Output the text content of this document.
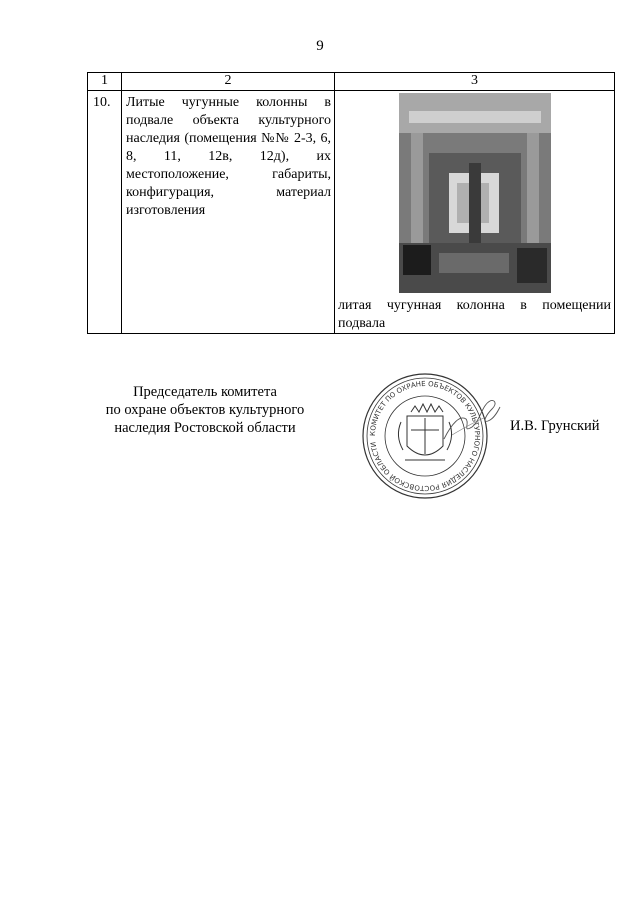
9
1	2	3

10.	Литые чугунные колонны в подвале объекта культурного наследия (помещения №№ 2-3, 6, 8, 11, 12в, 12д), их местоположение, габариты, конфигурация, материал изготовления	литая чугунная колонна в помещении подвала
Председатель комитета
по охране объектов культурного
наследия Ростовской области	КОМИТЕТ ПО ОХРАНЕ ОБЪЕКТОВ КУЛЬТУРНОГО НАСЛЕДИЯ РОСТОВСКОЙ ОБЛАСТИ
И.В. Грунский
